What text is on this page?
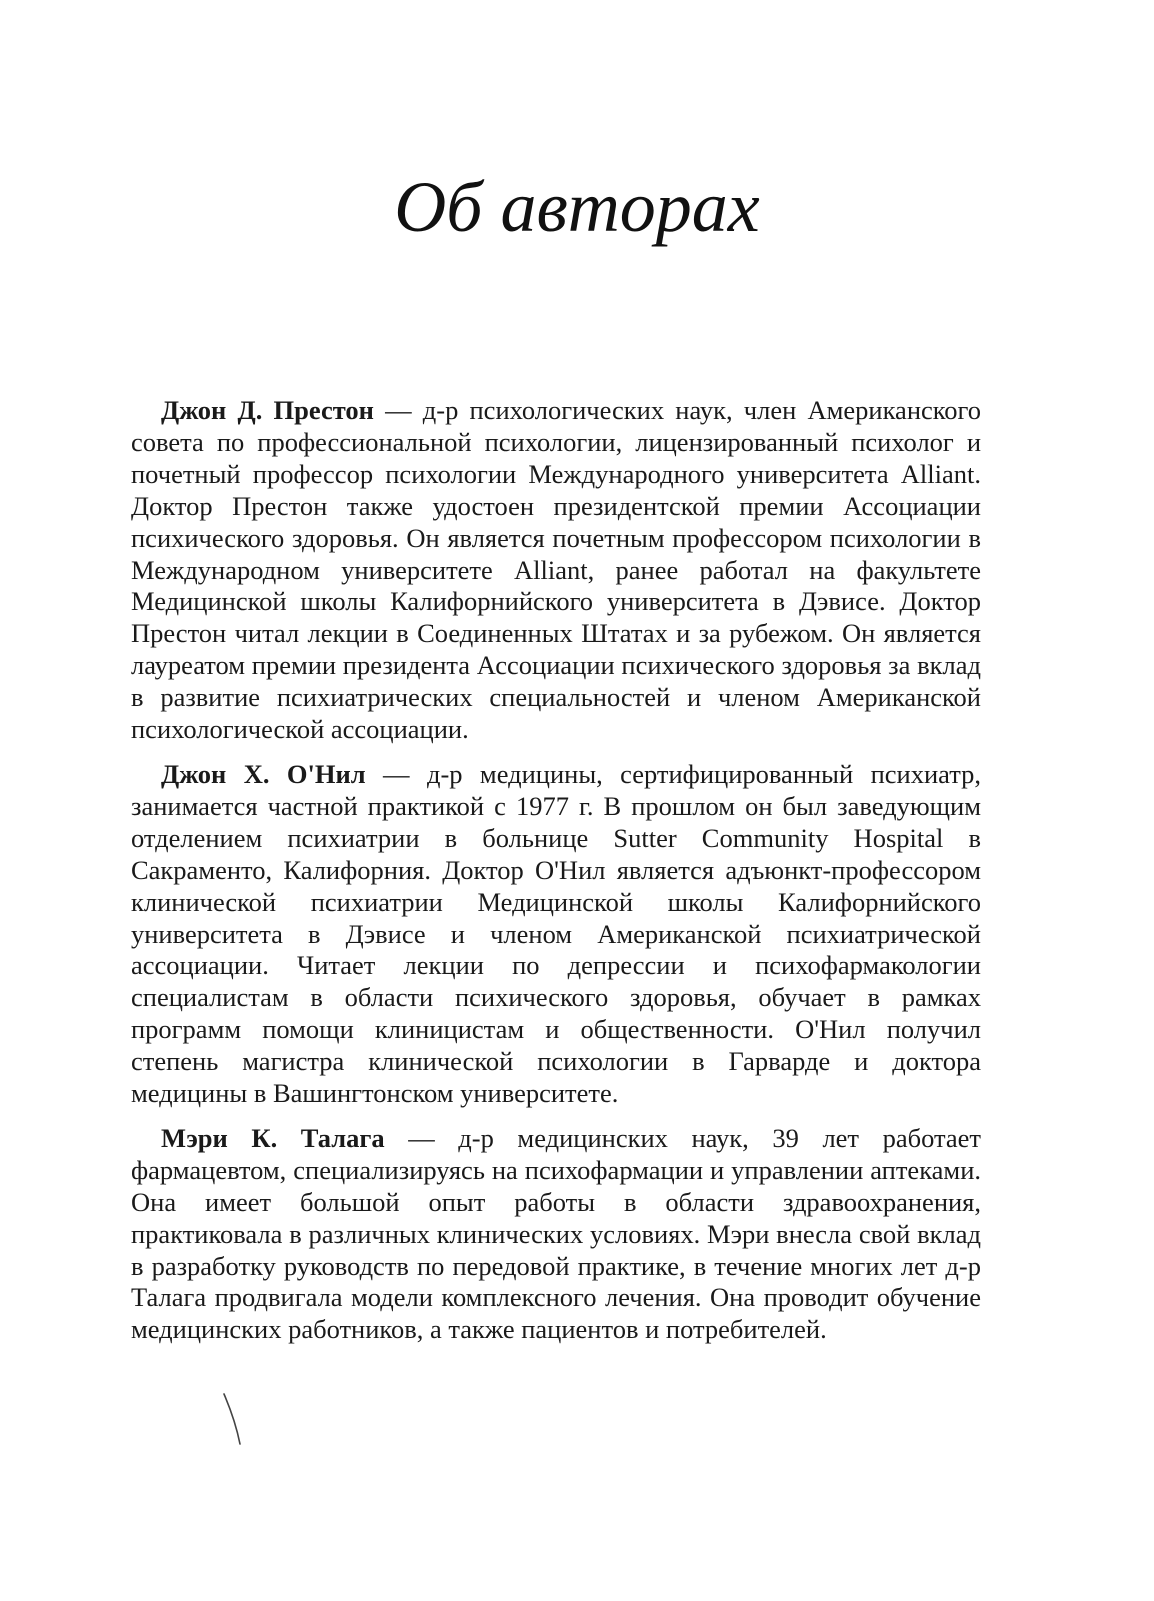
Об авторах

Джон Д. Престон — д-р психологических наук, член Американского совета по профессиональной психологии, лицензированный психолог и почетный профессор психологии Международного университета Alliant. Доктор Престон также удостоен президентской премии Ассоциации психического здоровья. Он является почетным профессором психологии в Международном университете Alliant, ранее работал на факультете Медицинской школы Калифорнийского университета в Дэвисе. Доктор Престон читал лекции в Соединенных Штатах и за рубежом. Он является лауреатом премии президента Ассоциации психического здоровья за вклад в развитие психиатрических специальностей и членом Американской психологической ассоциации.

Джон Х. О'Нил — д-р медицины, сертифицированный психиатр, занимается частной практикой с 1977 г. В прошлом он был заведующим отделением психиатрии в больнице Sutter Community Hospital в Сакраменто, Калифорния. Доктор О'Нил является адъюнкт-профессором клинической психиатрии Медицинской школы Калифорнийского университета в Дэвисе и членом Американской психиатрической ассоциации. Читает лекции по депрессии и психофармакологии специалистам в области психического здоровья, обучает в рамках программ помощи клиницистам и общественности. О'Нил получил степень магистра клинической психологии в Гарварде и доктора медицины в Вашингтонском университете.

Мэри К. Талага — д-р медицинских наук, 39 лет работает фармацевтом, специализируясь на психофармации и управлении аптеками. Она имеет большой опыт работы в области здравоохранения, практиковала в различных клинических условиях. Мэри внесла свой вклад в разработку руководств по передовой практике, в течение многих лет д-р Талага продвигала модели комплексного лечения. Она проводит обучение медицинских работников, а также пациентов и потребителей.
